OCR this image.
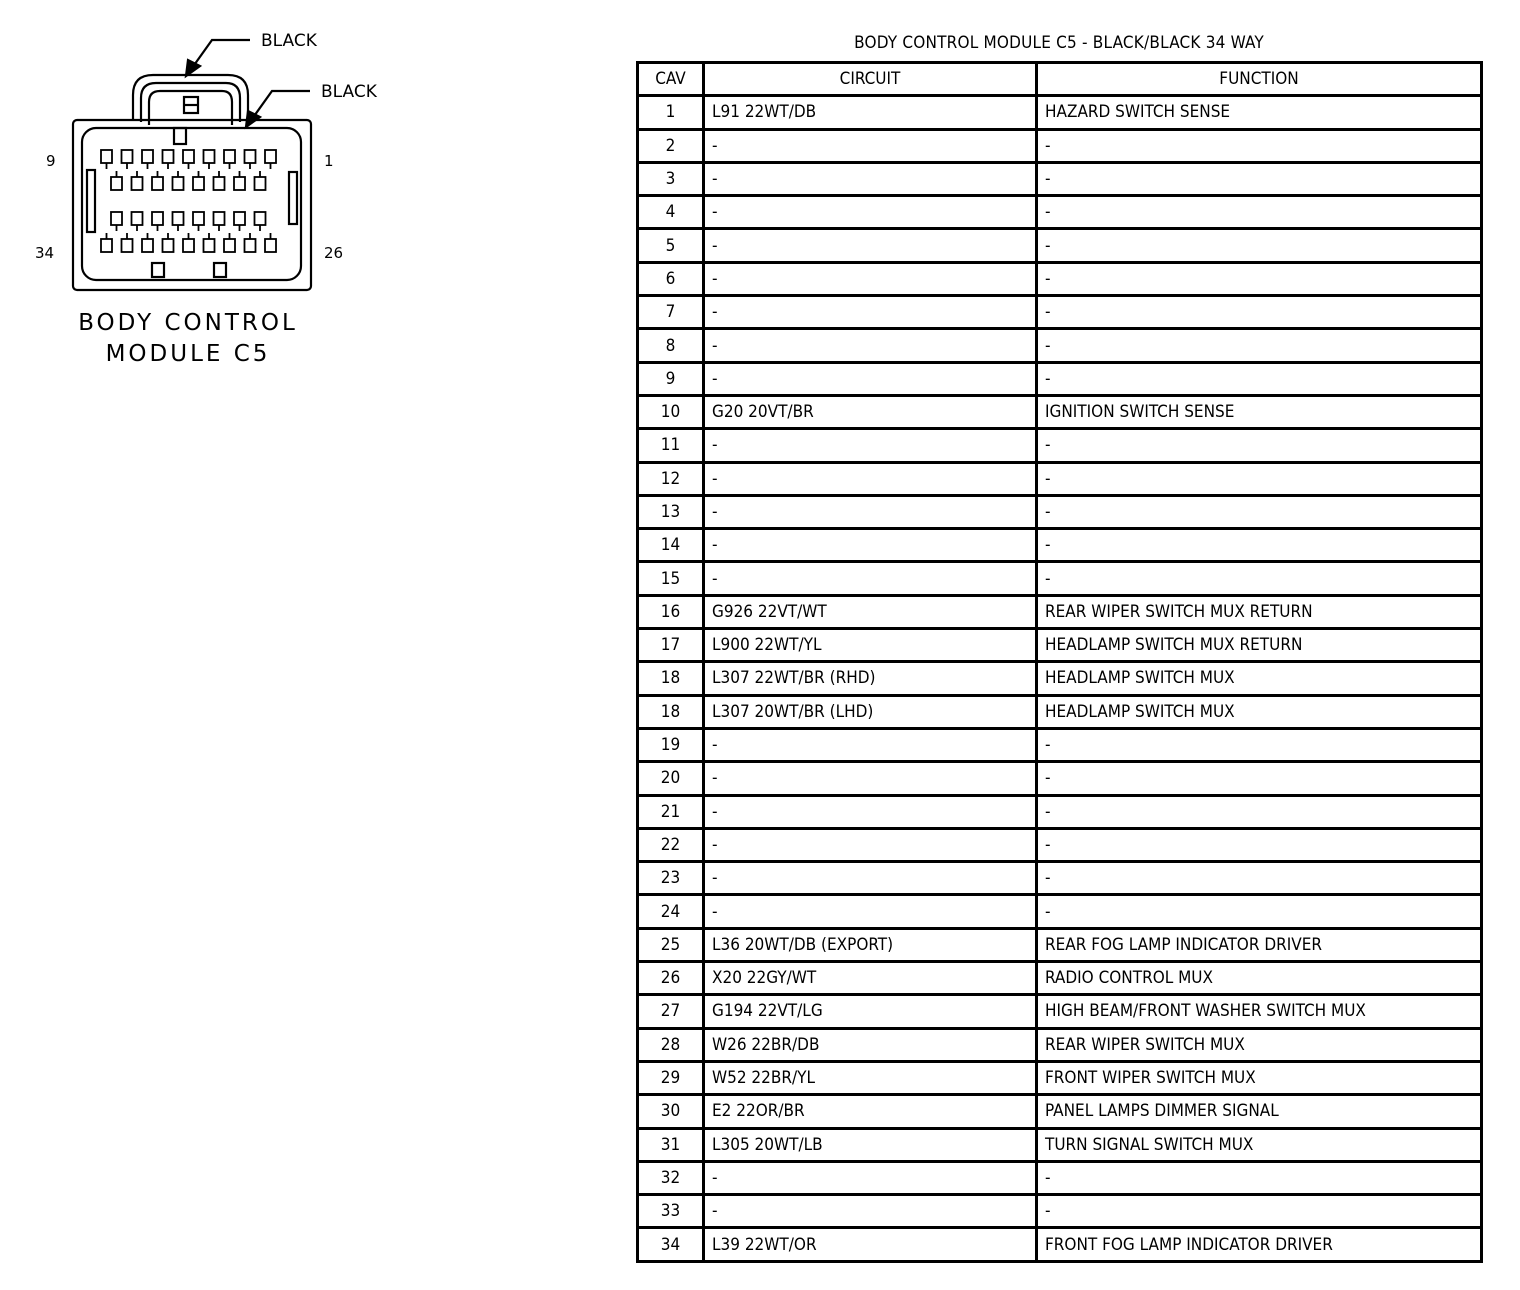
BLACK
BLACK
9	1
34	26
BODY CONTROL
MODULE C5
BODY CONTROL MODULE C5 - BLACK/BLACK 34 WAY
CAV	CIRCUIT	FUNCTION
1	L91 22WT/DB	HAZARD SWITCH SENSE
2	-	-
3	-	-
4	-	-
5	-	-
6	-	-
7	-	-
8	-	-
9	-	-
10	G20 20VT/BR	IGNITION SWITCH SENSE
11	-	-
12	-	-
13	-	-
14	-	-
15	-	-
16	G926 22VT/WT	REAR WIPER SWITCH MUX RETURN
17	L900 22WT/YL	HEADLAMP SWITCH MUX RETURN
18	L307 22WT/BR (RHD)	HEADLAMP SWITCH MUX
18	L307 20WT/BR (LHD)	HEADLAMP SWITCH MUX
19	-	-
20	-	-
21	-	-
22	-	-
23	-	-
24	-	-
25	L36 20WT/DB (EXPORT)	REAR FOG LAMP INDICATOR DRIVER
26	X20 22GY/WT	RADIO CONTROL MUX
27	G194 22VT/LG	HIGH BEAM/FRONT WASHER SWITCH MUX
28	W26 22BR/DB	REAR WIPER SWITCH MUX
29	W52 22BR/YL	FRONT WIPER SWITCH MUX
30	E2 22OR/BR	PANEL LAMPS DIMMER SIGNAL
31	L305 20WT/LB	TURN SIGNAL SWITCH MUX
32	-	-
33	-	-
34	L39 22WT/OR	FRONT FOG LAMP INDICATOR DRIVER
